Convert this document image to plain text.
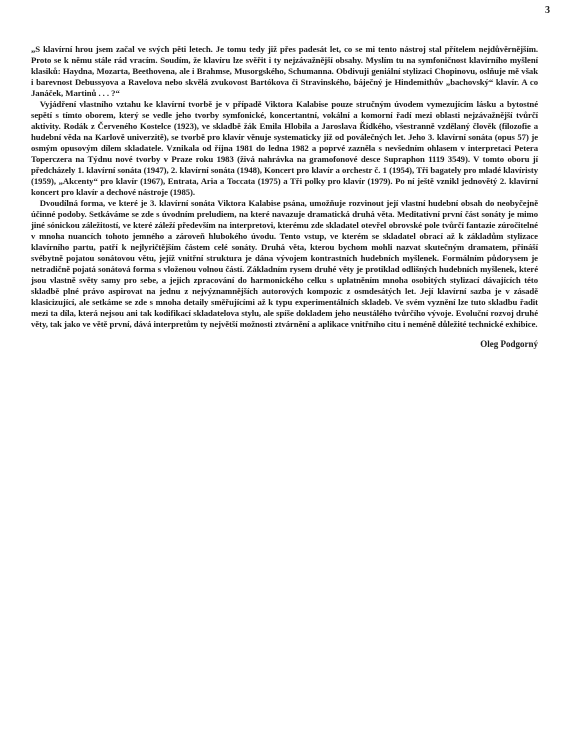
3

„S klavírní hrou jsem začal ve svých pěti letech. Je tomu tedy již přes padesát let, co se mi tento nástroj stal přítelem nejdůvěrnějším. Proto se k němu stále rád vracím. Soudím, že klavíru lze svěřit i ty nejzávažnější obsahy. Myslím tu na symfoničnost klavírního myšlení klasiků: Haydna, Mozarta, Beethovena, ale i Brahmse, Musorgského, Schumanna. Obdivuji geniální stylizaci Chopinovu, oslňuje mě však i barevnost Debussyova a Ravelova nebo skvělá zvukovost Bartókova či Stravinského, báječný je Hindemithův „bachovský“ klavír. A co Janáček, Martinů . . . ?“

Vyjádření vlastního vztahu ke klavírní tvorbě je v případě Viktora Kalabise pouze stručným úvodem vymezujícím lásku a bytostné sepětí s tímto oborem, který se vedle jeho tvorby symfonické, koncertantní, vokální a komorní řadí mezi oblasti nejzávažnější tvůrčí aktivity. Rodák z Červeného Kostelce (1923), ve skladbě žák Emila Hlobila a Jaroslava Řídkého, všestranně vzdělaný člověk (filozofie a hudební věda na Karlově univerzitě), se tvorbě pro klavír věnuje systematicky již od poválečných let. Jeho 3. klavírní sonáta (opus 57) je osmým opusovým dílem skladatele. Vznikala od října 1981 do ledna 1982 a poprvé zazněla s nevšedním ohlasem v interpretaci Petera Toperczera na Týdnu nové tvorby v Praze roku 1983 (živá nahrávka na gramofonové desce Supraphon 1119 3549). V tomto oboru jí předcházely 1. klavírní sonáta (1947), 2. klavírní sonáta (1948), Koncert pro klavír a orchestr č. 1 (1954), Tři bagately pro mladé klavíristy (1959), „Akcenty“ pro klavír (1967), Entrata, Aria a Toccata (1975) a Tři polky pro klavír (1979). Po ní ještě vznikl jednovětý 2. klavírní koncert pro klavír a dechové nástroje (1985).

Dvoudílná forma, ve které je 3. klavírní sonáta Viktora Kalabise psána, umožňuje rozvinout její vlastní hudební obsah do neobyčejně účinné podoby. Setkáváme se zde s úvodním preludiem, na které navazuje dramatická druhá věta. Meditativní první část sonáty je mimo jiné sónickou záležitostí, ve které záleží především na interpretovi, kterému zde skladatel otevřel obrovské pole tvůrčí fantazie zúročitelné v mnoha nuancích tohoto jemného a zároveň hlubokého úvodu. Tento vstup, ve kterém se skladatel obrací až k základům stylizace klavírního partu, patří k nejlyričtějším částem celé sonáty. Druhá věta, kterou bychom mohli nazvat skutečným dramatem, přináší svébytně pojatou sonátovou větu, jejíž vnitřní struktura je dána vývojem kontrastních hudebních myšlenek. Formálním půdorysem je netradičně pojatá sonátová forma s vloženou volnou částí. Základním rysem druhé věty je protiklad odlišných hudebních myšlenek, které jsou vlastně světy samy pro sebe, a jejich zpracování do harmonického celku s uplatněním mnoha osobitých stylizací dávajících této skladbě plné právo aspirovat na jednu z nejvýznamnějších autorových kompozic z osmdesátých let. Její klavírní sazba je v zásadě klasicizující, ale setkáme se zde s mnoha detaily směřujícími až k typu experimentálních skladeb. Ve svém vyznění lze tuto skladbu řadit mezi ta díla, která nejsou ani tak kodifikací skladatelova stylu, ale spíše dokladem jeho neustálého tvůrčího vývoje. Evoluční rozvoj druhé věty, tak jako ve větě první, dává interpretům ty největší možnosti ztvárnění a aplikace vnitřního citu i neméně důležité technické exhibice.

Oleg Podgorný
